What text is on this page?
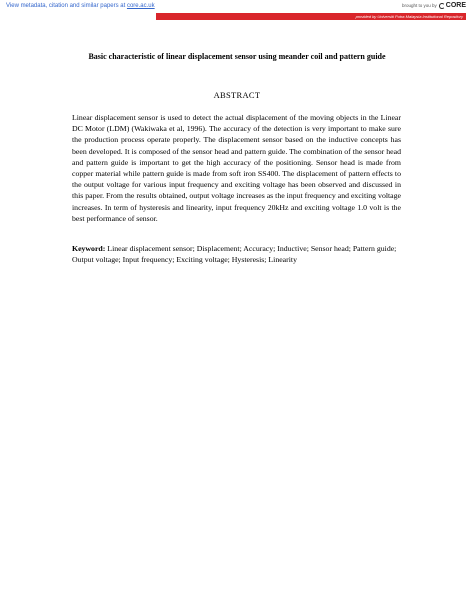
View metadata, citation and similar papers at core.ac.uk	brought to you by CORE
provided by Universiti Putra Malaysia Institutional Repository
Basic characteristic of linear displacement sensor using meander coil and pattern guide
ABSTRACT

Linear displacement sensor is used to detect the actual displacement of the moving objects in the Linear DC Motor (LDM) (Wakiwaka et al, 1996). The accuracy of the detection is very important to make sure the production process operate properly. The displacement sensor based on the inductive concepts has been developed. It is composed of the sensor head and pattern guide. The combination of the sensor head and pattern guide is important to get the high accuracy of the positioning. Sensor head is made from copper material while pattern guide is made from soft iron SS400. The displacement of pattern effects to the output voltage for various input frequency and exciting voltage has been observed and discussed in this paper. From the results obtained, output voltage increases as the input frequency and exciting voltage increases. In term of hysteresis and linearity, input frequency 20kHz and exciting voltage 1.0 volt is the best performance of sensor.

Keyword: Linear displacement sensor; Displacement; Accuracy; Inductive; Sensor head; Pattern guide; Output voltage; Input frequency; Exciting voltage; Hysteresis; Linearity
